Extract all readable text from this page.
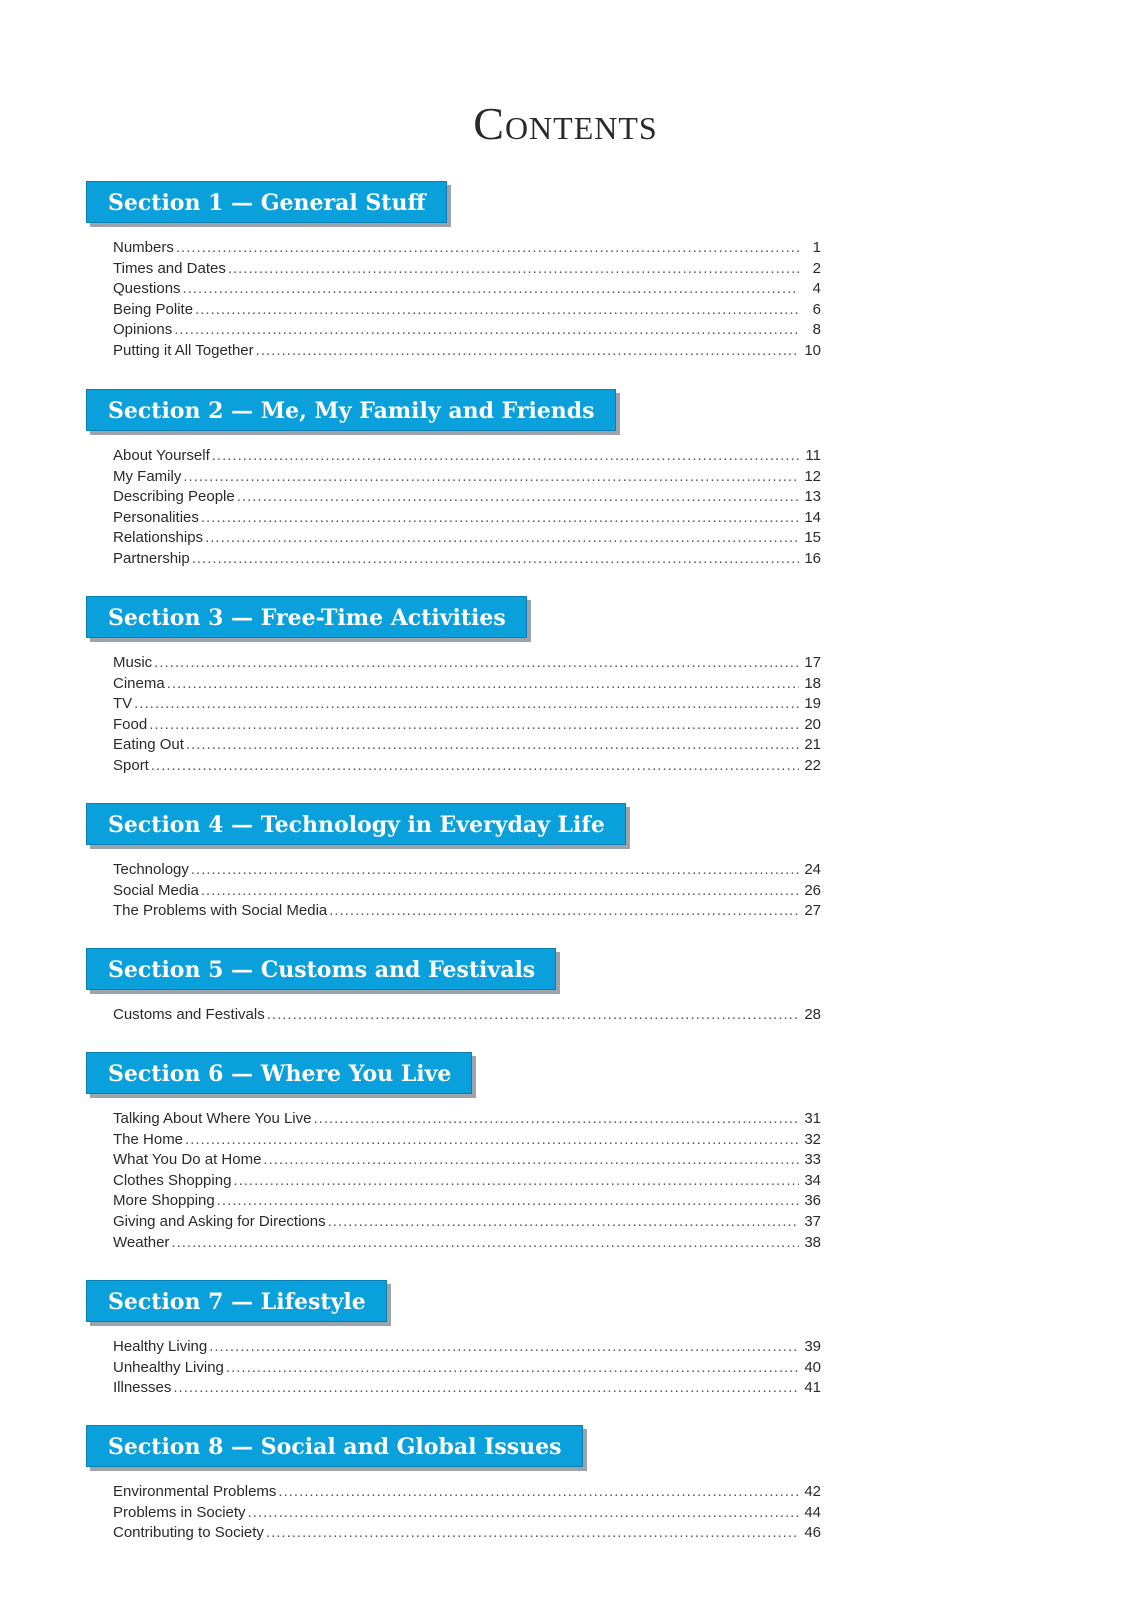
Contents
Section 1 — General Stuff
Numbers .....	1
Times and Dates .....	2
Questions .....	4
Being Polite .....	6
Opinions .....	8
Putting it All Together .....	10
Section 2 — Me, My Family and Friends
About Yourself .....	11
My Family .....	12
Describing People .....	13
Personalities .....	14
Relationships .....	15
Partnership .....	16
Section 3 — Free-Time Activities
Music .....	17
Cinema .....	18
TV .....	19
Food .....	20
Eating Out .....	21
Sport .....	22
Section 4 — Technology in Everyday Life
Technology .....	24
Social Media .....	26
The Problems with Social Media .....	27
Section 5 — Customs and Festivals
Customs and Festivals .....	28
Section 6 — Where You Live
Talking About Where You Live .....	31
The Home .....	32
What You Do at Home .....	33
Clothes Shopping .....	34
More Shopping .....	36
Giving and Asking for Directions .....	37
Weather .....	38
Section 7 — Lifestyle
Healthy Living .....	39
Unhealthy Living .....	40
Illnesses .....	41
Section 8 — Social and Global Issues
Environmental Problems .....	42
Problems in Society .....	44
Contributing to Society .....	46
